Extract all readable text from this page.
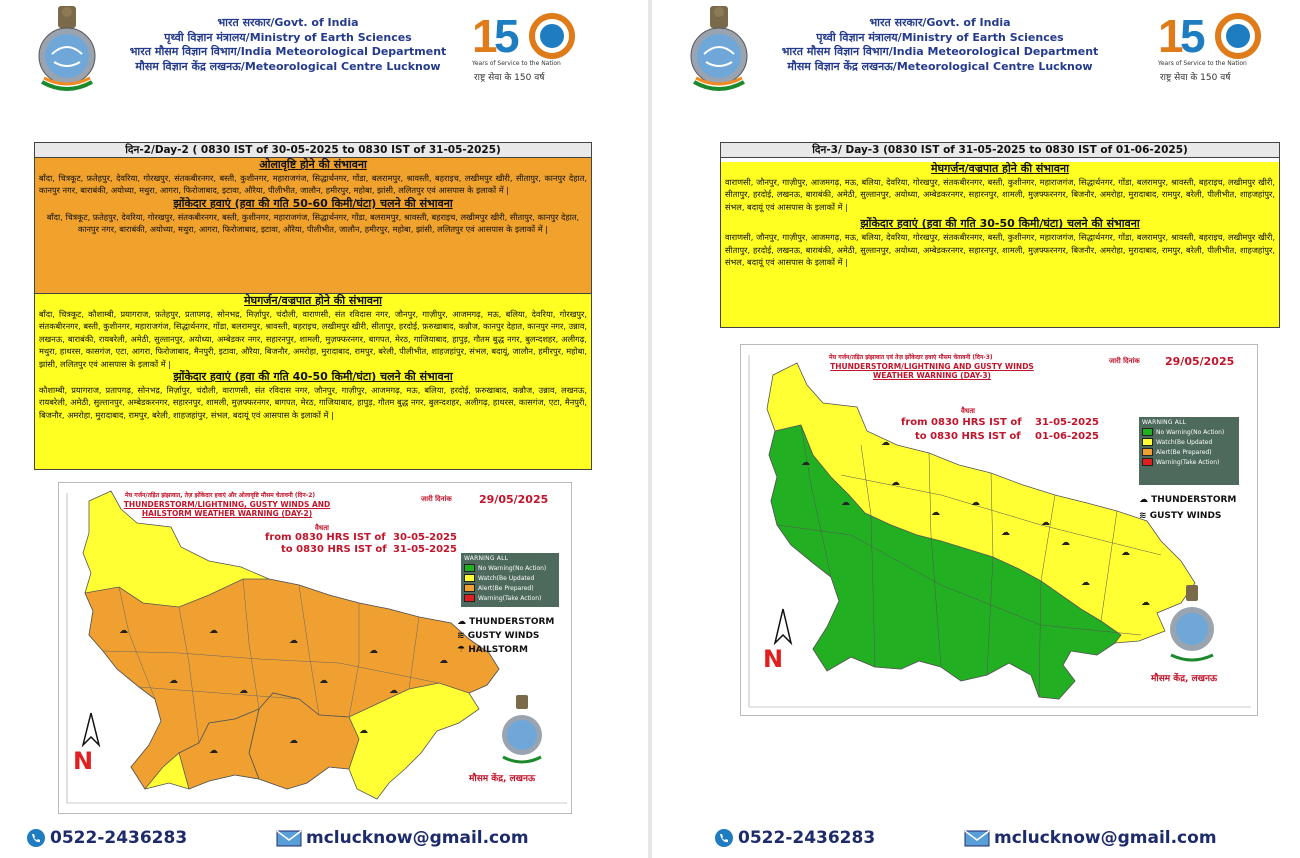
भारत सरकार/Govt. of India
पृथ्वी विज्ञान मंत्रालय/Ministry of Earth Sciences
भारत मौसम विज्ञान विभाग/India Meteorological Department
मौसम विज्ञान केंद्र लखनऊ/Meteorological Centre Lucknow
1
5
Years of Service to the Nation
राष्ट्र सेवा के 150 वर्ष
दिन-2/Day-2 ( 0830 IST of 30-05-2025 to 0830 IST of 31-05-2025)
ओलावृष्टि होने की संभावना
बाँदा, चित्रकूट, फ़तेहपुर, देवरिया, गोरखपुर, संतकबीरनगर, बस्ती, कुशीनगर, महाराजगंज, सिद्धार्थनगर, गोंडा, बलरामपुर, श्रावस्ती, बहराइच, लखीमपुर खीरी, सीतापुर, कानपुर देहात, कानपुर नगर, बाराबंकी, अयोध्या, मथुरा, आगरा, फिरोजाबाद, इटावा, औरैया, पीलीभीत, जालौन, हमीरपुर, महोबा, झांसी, ललितपुर एवं आसपास के इलाकों में |
झोंकेदार हवाएं (हवा की गति 50-60 किमी/घंटा) चलने की संभावना
बाँदा, चित्रकूट, फ़तेहपुर, देवरिया, गोरखपुर, संतकबीरनगर, बस्ती, कुशीनगर, महाराजगंज, सिद्धार्थनगर, गोंडा, बलरामपुर, श्रावस्ती, बहराइच, लखीमपुर खीरी, सीतापुर, कानपुर देहात, कानपुर नगर, बाराबंकी, अयोध्या, मथुरा, आगरा, फिरोजाबाद, इटावा, औरैया, पीलीभीत, जालौन, हमीरपुर, महोबा, झांसी, ललितपुर एवं आसपास के इलाकों में |
मेघगर्जन/वज्रपात होने की संभावना
बाँदा, चित्रकूट, कौशाम्बी, प्रयागराज, फ़तेहपुर, प्रतापगढ़, सोनभद्र, मिर्ज़ापुर, चंदौली, वाराणसी, संत रविदास नगर, जौनपुर, गाज़ीपुर, आजमगढ़, मऊ, बलिया, देवरिया, गोरखपुर, संतकबीरनगर, बस्ती, कुशीनगर, महाराजगंज, सिद्धार्थनगर, गोंडा, बलरामपुर, श्रावस्ती, बहराइच, लखीमपुर खीरी, सीतापुर, हरदोई, फ़रुखाबाद, कन्नौज, कानपुर देहात, कानपुर नगर, उन्नाव, लखनऊ, बाराबंकी, रायबरेली, अमेठी, सुल्तानपुर, अयोध्या, अम्बेडकर नगर, सहारनपुर, शामली, मुज़फ्फरनगर, बागपत, मेरठ, गाजियाबाद, हापुड़, गौतम बुद्ध नगर, बुलन्दशहर, अलीगढ़, मथुरा, हाथरस, कासगंज, एटा, आगरा, फिरोजाबाद, मैनपुरी, इटावा, औरैया, बिजनौर, अमरोहा, मुरादाबाद, रामपुर, बरेली, पीलीभीत, शाहजहांपुर, संभल, बदायूं, जालौन, हमीरपुर, महोबा, झांसी, ललितपुर एवं आसपास के इलाकों में |
झोंकेदार हवाएं (हवा की गति 40-50 किमी/घंटा) चलने की संभावना
कौशाम्बी, प्रयागराज, प्रतापगढ़, सोनभद्र, मिर्ज़ापुर, चंदौली, वाराणसी, संत रविदास नगर, जौनपुर, गाज़ीपुर, आजमगढ़, मऊ, बलिया, हरदोई, फ़रुखाबाद, कन्नौज, उन्नाव, लखनऊ, रायबरेली, अमेठी, सुल्तानपुर, अम्बेडकरनगर, सहारनपुर, शामली, मुज़फ्फरनगर, बागपत, मेरठ, गाजियाबाद, हापुड़, गौतम बुद्ध नगर, बुलन्दशहर, अलीगढ़, हाथरस, कासगंज, एटा, मैनपुरी, बिजनौर, अमरोहा, मुरादाबाद, रामपुर, बरेली, शाहजहांपुर, संभल, बदायूं एवं आसपास के इलाकों में |
☁
☁
☁
☁
☁
☁
☁
☁
☁
☁
☁
☁
मेघ गर्जन/तड़ित झंझावात, तेज़ झोंकेदार हवाएं और ओलावृष्टि मौसम चेतावनी (दिन-2)
THUNDERSTORM/LIGHTNING, GUSTY WINDS AND HAILSTORM WEATHER WARNING (DAY-2)
जारी दिनांक 29/05/2025
वैधता
from 0830 HRS IST of 30-05-2025
to 0830 HRS IST of 31-05-2025
WARNING ALL
No Warning(No Action)
Watch(Be Updated
Alert(Be Prepared)
Warning(Take Action)
☁ THUNDERSTORM
≋ GUSTY WINDS
☂ HAILSTORM
N
मौसम केंद्र, लखनऊ
0522-2436283	mclucknow@gmail.com
भारत सरकार/Govt. of India
पृथ्वी विज्ञान मंत्रालय/Ministry of Earth Sciences
भारत मौसम विज्ञान विभाग/India Meteorological Department
मौसम विज्ञान केंद्र लखनऊ/Meteorological Centre Lucknow
1
5
Years of Service to the Nation
राष्ट्र सेवा के 150 वर्ष
दिन-3/ Day-3 (0830 IST of 31-05-2025 to 0830 IST of 01-06-2025)
मेघगर्जन/वज्रपात होने की संभावना
वाराणसी, जौनपुर, गाज़ीपुर, आजमगढ़, मऊ, बलिया, देवरिया, गोरखपुर, संतकबीरनगर, बस्ती, कुशीनगर, महाराजगंज, सिद्धार्थनगर, गोंडा, बलरामपुर, श्रावस्ती, बहराइच, लखीमपुर खीरी, सीतापुर, हरदोई, लखनऊ, बाराबंकी, अमेठी, सुल्तानपुर, अयोध्या, अम्बेडकरनगर, सहारनपुर, शामली, मुज़फ्फरनगर, बिजनौर, अमरोहा, मुरादाबाद, रामपुर, बरेली, पीलीभीत, शाहजहांपुर, संभल, बदायूं एवं आसपास के इलाकों में |
झोंकेदार हवाएं (हवा की गति 30-50 किमी/घंटा) चलने की संभावना
वाराणसी, जौनपुर, गाज़ीपुर, आजमगढ़, मऊ, बलिया, देवरिया, गोरखपुर, संतकबीरनगर, बस्ती, कुशीनगर, महाराजगंज, सिद्धार्थनगर, गोंडा, बलरामपुर, श्रावस्ती, बहराइच, लखीमपुर खीरी, सीतापुर, हरदोई, लखनऊ, बाराबंकी, अमेठी, सुल्तानपुर, अयोध्या, अम्बेडकरनगर, सहारनपुर, शामली, मुज़फ्फरनगर, बिजनौर, अमरोहा, मुरादाबाद, रामपुर, बरेली, पीलीभीत, शाहजहांपुर, संभल, बदायूं एवं आसपास के इलाकों में |
☁
☁
☁
☁
☁
☁
☁
☁
☁
☁
☁
☁
मेघ गर्जन/तड़ित झंझावात एवं तेज़ झोंकेदार हवाएं मौसम चेतावनी (दिन-3)
THUNDERSTORM/LIGHTNING AND GUSTY WINDS WEATHER WARNING (DAY-3)
जारी दिनांक 29/05/2025
वैधता
from 0830 HRS IST of 31-05-2025
to 0830 HRS IST of 01-06-2025
WARNING ALL
No Warning(No Action)
Watch(Be Updated
Alert(Be Prepared)
Warning(Take Action)
☁ THUNDERSTORM
≋ GUSTY WINDS
N
मौसम केंद्र, लखनऊ
0522-2436283	mclucknow@gmail.com
